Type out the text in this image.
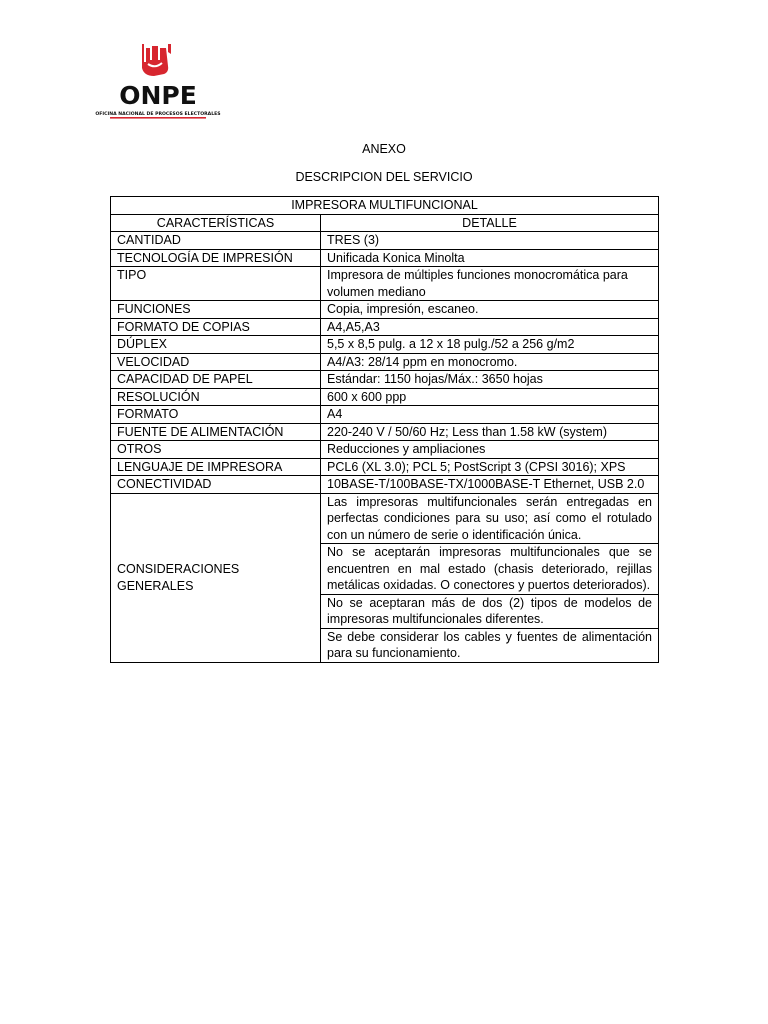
ONPE
OFICINA NACIONAL DE PROCESOS ELECTORALES
ANEXO
DESCRIPCION DEL SERVICIO
IMPRESORA MULTIFUNCIONAL	
CARACTERÍSTICAS	DETALLE
CANTIDAD	TRES (3)
TECNOLOGÍA DE IMPRESIÓN	Unificada Konica Minolta
TIPO	Impresora de múltiples funciones monocromática para volumen mediano
FUNCIONES	Copia, impresión, escaneo.
FORMATO DE COPIAS	A4,A5,A3
DÚPLEX	5,5 x 8,5 pulg. a 12 x 18 pulg./52 a 256 g/m2
VELOCIDAD	A4/A3: 28/14 ppm en monocromo.
CAPACIDAD DE PAPEL	Estándar: 1150 hojas/Máx.: 3650 hojas
RESOLUCIÓN	600 x 600 ppp
FORMATO	A4
FUENTE DE ALIMENTACIÓN	220-240 V / 50/60 Hz; Less than 1.58 kW (system)
OTROS	Reducciones y ampliaciones
LENGUAJE DE IMPRESORA	PCL6 (XL 3.0); PCL 5; PostScript 3 (CPSI 3016); XPS
CONECTIVIDAD	10BASE-T/100BASE-TX/1000BASE-T Ethernet, USB 2.0
CONSIDERACIONES GENERALES	Las impresoras multifuncionales serán entregadas en perfectas condiciones para su uso; así como el rotulado con un número de serie o identificación única.
	No se aceptarán impresoras multifuncionales que se encuentren en mal estado (chasis deteriorado, rejillas metálicas oxidadas. O conectores y puertos deteriorados).
	No se aceptaran más de dos (2) tipos de modelos de impresoras multifuncionales diferentes.
	Se debe considerar los cables y fuentes de alimentación para su funcionamiento.
